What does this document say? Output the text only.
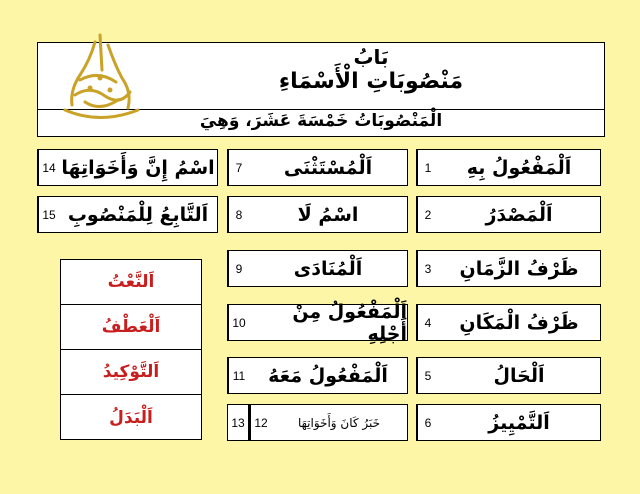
بَابُ
مَنْصُوبَاتِ الْأَسْمَاءِ
الْمَنْصُوبَاتُ خَمْسَةَ عَشَرَ، وَهِيَ
1	اَلْمَفْعُولُ بِهِ
2	اَلْمَصْدَرُ
3	ظَرْفُ الزَّمَانِ
4	ظَرْفُ الْمَكَانِ
5	اَلْحَالُ
6	اَلتَّمْيِيزُ
7	اَلْمُسْتَثْنَى
8	اسْمُ لَا
9	اَلْمُنَادَى
10	اَلْمَفْعُولُ مِنْ أَجْلِهِ
11	اَلْمَفْعُولُ مَعَهُ
12	خَبَرُ كَانَ وَأَخَوَاتِهَا
13
14 اسْمُ إِنَّ وَأَخَوَاتِهَا
15 اَلتَّابِعُ لِلْمَنْصُوبِ
اَلنَّعْتُ
اَلْعَطْفُ
اَلتَّوْكِيدُ
اَلْبَدَلُ
